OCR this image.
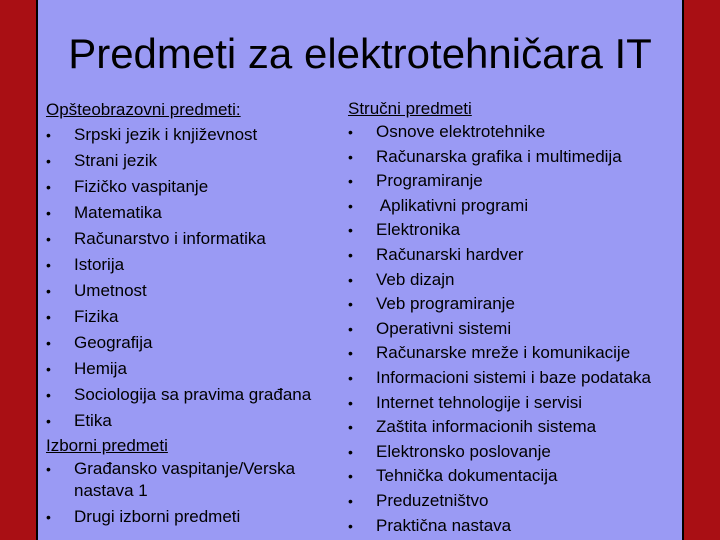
Predmeti za elektrotehničara IT
Opšteobrazovni predmeti:
• Srpski jezik i književnost
• Strani jezik
• Fizičko vaspitanje
• Matematika
• Računarstvo i informatika
• Istorija
• Umetnost
• Fizika
• Geografija
• Hemija
• Sociologija sa pravima građana
• Etika
Izborni predmeti
• Građansko vaspitanje/Verska nastava 1
• Drugi izborni predmeti
Stručni predmeti
• Osnove elektrotehnike
• Računarska grafika i multimedija
• Programiranje
•  Aplikativni programi
• Elektronika
• Računarski hardver
• Veb dizajn
• Veb programiranje
• Operativni sistemi
• Računarske mreže i komunikacije
• Informacioni sistemi i baze podataka
• Internet tehnologije i servisi
• Zaštita informacionih sistema
• Elektronsko poslovanje
• Tehnička dokumentacija
• Preduzetništvo
• Praktična nastava
